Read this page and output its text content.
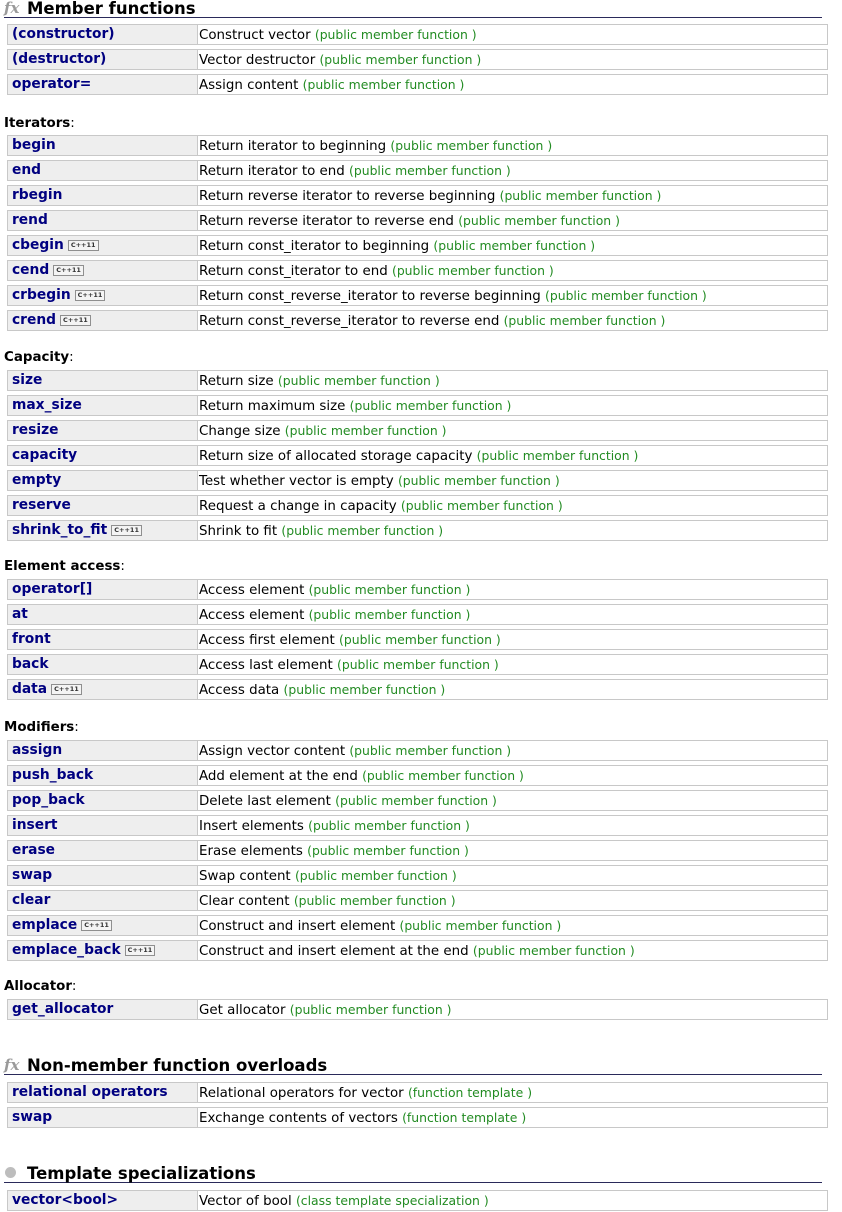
fx Member functions
(constructor)	Construct vector (public member function )
(destructor)	Vector destructor (public member function )
operator=	Assign content (public member function )
Iterators:
begin	Return iterator to beginning (public member function )
end	Return iterator to end (public member function )
rbegin	Return reverse iterator to reverse beginning (public member function )
rend	Return reverse iterator to reverse end (public member function )
cbegin C++11	Return const_iterator to beginning (public member function )
cend C++11	Return const_iterator to end (public member function )
crbegin C++11	Return const_reverse_iterator to reverse beginning (public member function )
crend C++11	Return const_reverse_iterator to reverse end (public member function )
Capacity:
size	Return size (public member function )
max_size	Return maximum size (public member function )
resize	Change size (public member function )
capacity	Return size of allocated storage capacity (public member function )
empty	Test whether vector is empty (public member function )
reserve	Request a change in capacity (public member function )
shrink_to_fit C++11	Shrink to fit (public member function )
Element access:
operator[]	Access element (public member function )
at	Access element (public member function )
front	Access first element (public member function )
back	Access last element (public member function )
data C++11	Access data (public member function )
Modifiers:
assign	Assign vector content (public member function )
push_back	Add element at the end (public member function )
pop_back	Delete last element (public member function )
insert	Insert elements (public member function )
erase	Erase elements (public member function )
swap	Swap content (public member function )
clear	Clear content (public member function )
emplace C++11	Construct and insert element (public member function )
emplace_back C++11	Construct and insert element at the end (public member function )
Allocator:
get_allocator	Get allocator (public member function )
fx Non-member function overloads
relational operators	Relational operators for vector (function template )
swap	Exchange contents of vectors (function template )
Template specializations
vector<bool>	Vector of bool (class template specialization )
